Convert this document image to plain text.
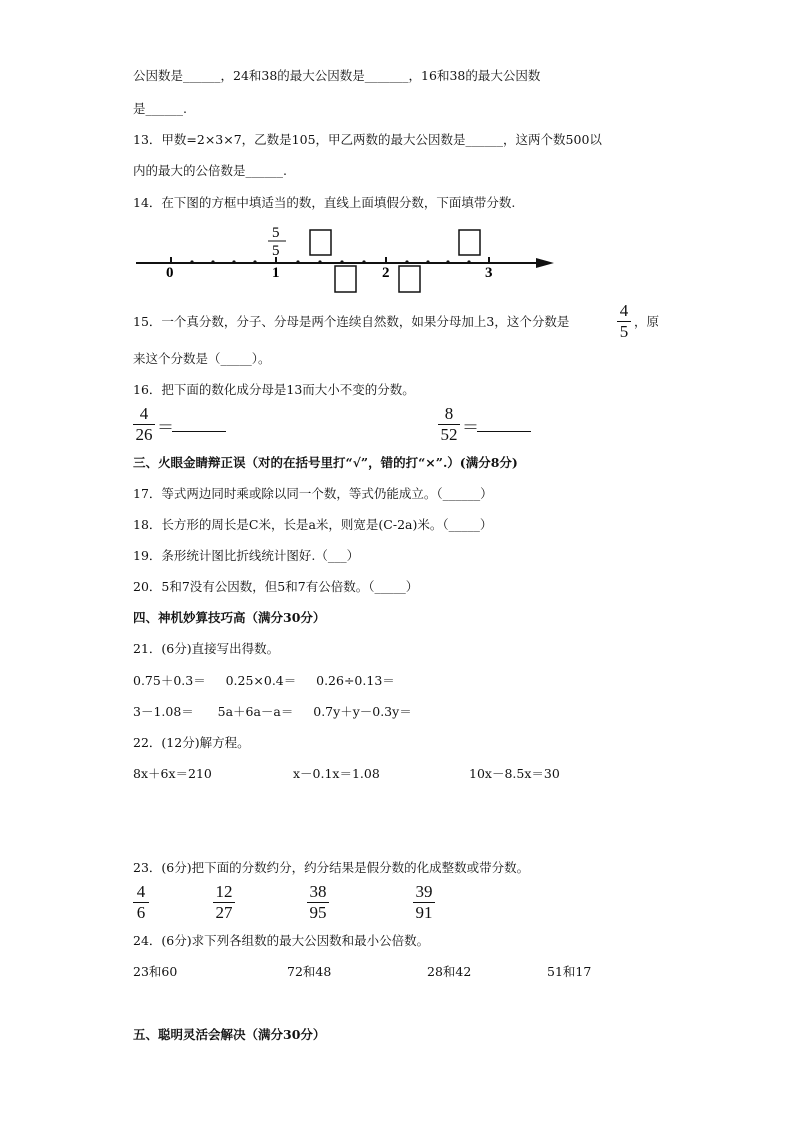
公因数是______，24和38的最大公因数是_______，16和38的最大公因数
是______.
13．甲数=2×3×7，乙数是105，甲乙两数的最大公因数是______，这两个数500以
内的最大的公倍数是______.
14．在下图的方框中填适当的数，直线上面填假分数，下面填带分数.
0	1	2	3
5
5
15．一个真分数，分子、分母是两个连续自然数，如果分母加上3，这个分数是
4
5
，原
来这个分数是（_____）。
16．把下面的数化成分母是13而大小不变的分数。
4
26 ＝
8
52 ＝
三、火眼金睛辩正误（对的在括号里打“√”，错的打“×”.）(满分8分)
17．等式两边同时乘或除以同一个数，等式仍能成立。（______）
18．长方形的周长是C米，长是a米，则宽是(C-2a)米。（_____）
19．条形统计图比折线统计图好.（___）
20．5和7没有公因数，但5和7有公倍数。（_____）
四、神机妙算技巧高（满分30分）
21．(6分)直接写出得数。
0.75＋0.3＝     0.25×0.4＝     0.26÷0.13＝
3－1.08＝      5a＋6a－a＝     0.7y＋y－0.3y＝
22．(12分)解方程。
8x＋6x＝210	x－0.1x＝1.08	10x－8.5x＝30
23．(6分)把下面的分数约分，约分结果是假分数的化成整数或带分数。
4
6
12
27
38
95
39
91
24．(6分)求下列各组数的最大公因数和最小公倍数。
23和60	72和48	28和42	51和17
五、聪明灵活会解决（满分30分）
